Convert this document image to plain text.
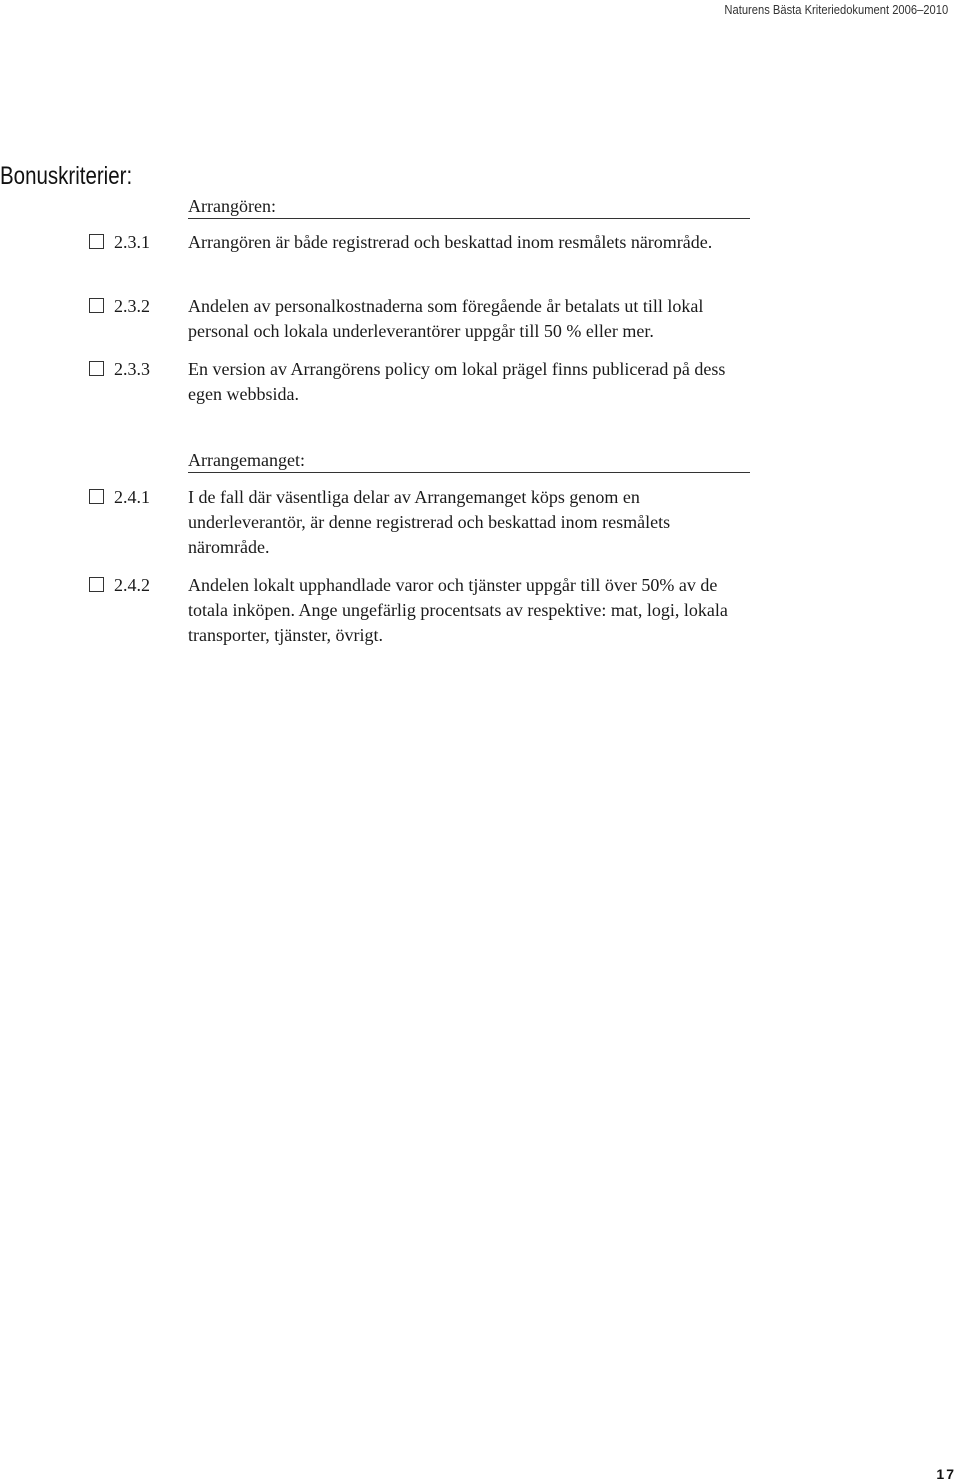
Naturens Bästa Kriteriedokument 2006–2010
Bonuskriterier:
Arrangören:
2.3.1 Arrangören är både registrerad och beskattad inom resmålets närområde.

2.3.2 Andelen av personalkostnaderna som föregående år betalats ut till lokal personal och lokala underleverantörer uppgår till 50 % eller mer.

2.3.3 En version av Arrangörens policy om lokal prägel finns publicerad på dess egen webbsida.

Arrangemanget:
2.4.1 I de fall där väsentliga delar av Arrangemanget köps genom en underleverantör, är denne registrerad och beskattad inom resmålets närområde.

2.4.2 Andelen lokalt upphandlade varor och tjänster uppgår till över 50% av de totala inköpen. Ange ungefärlig procentsats av respektive: mat, logi, lokala transporter, tjänster, övrigt.

17
